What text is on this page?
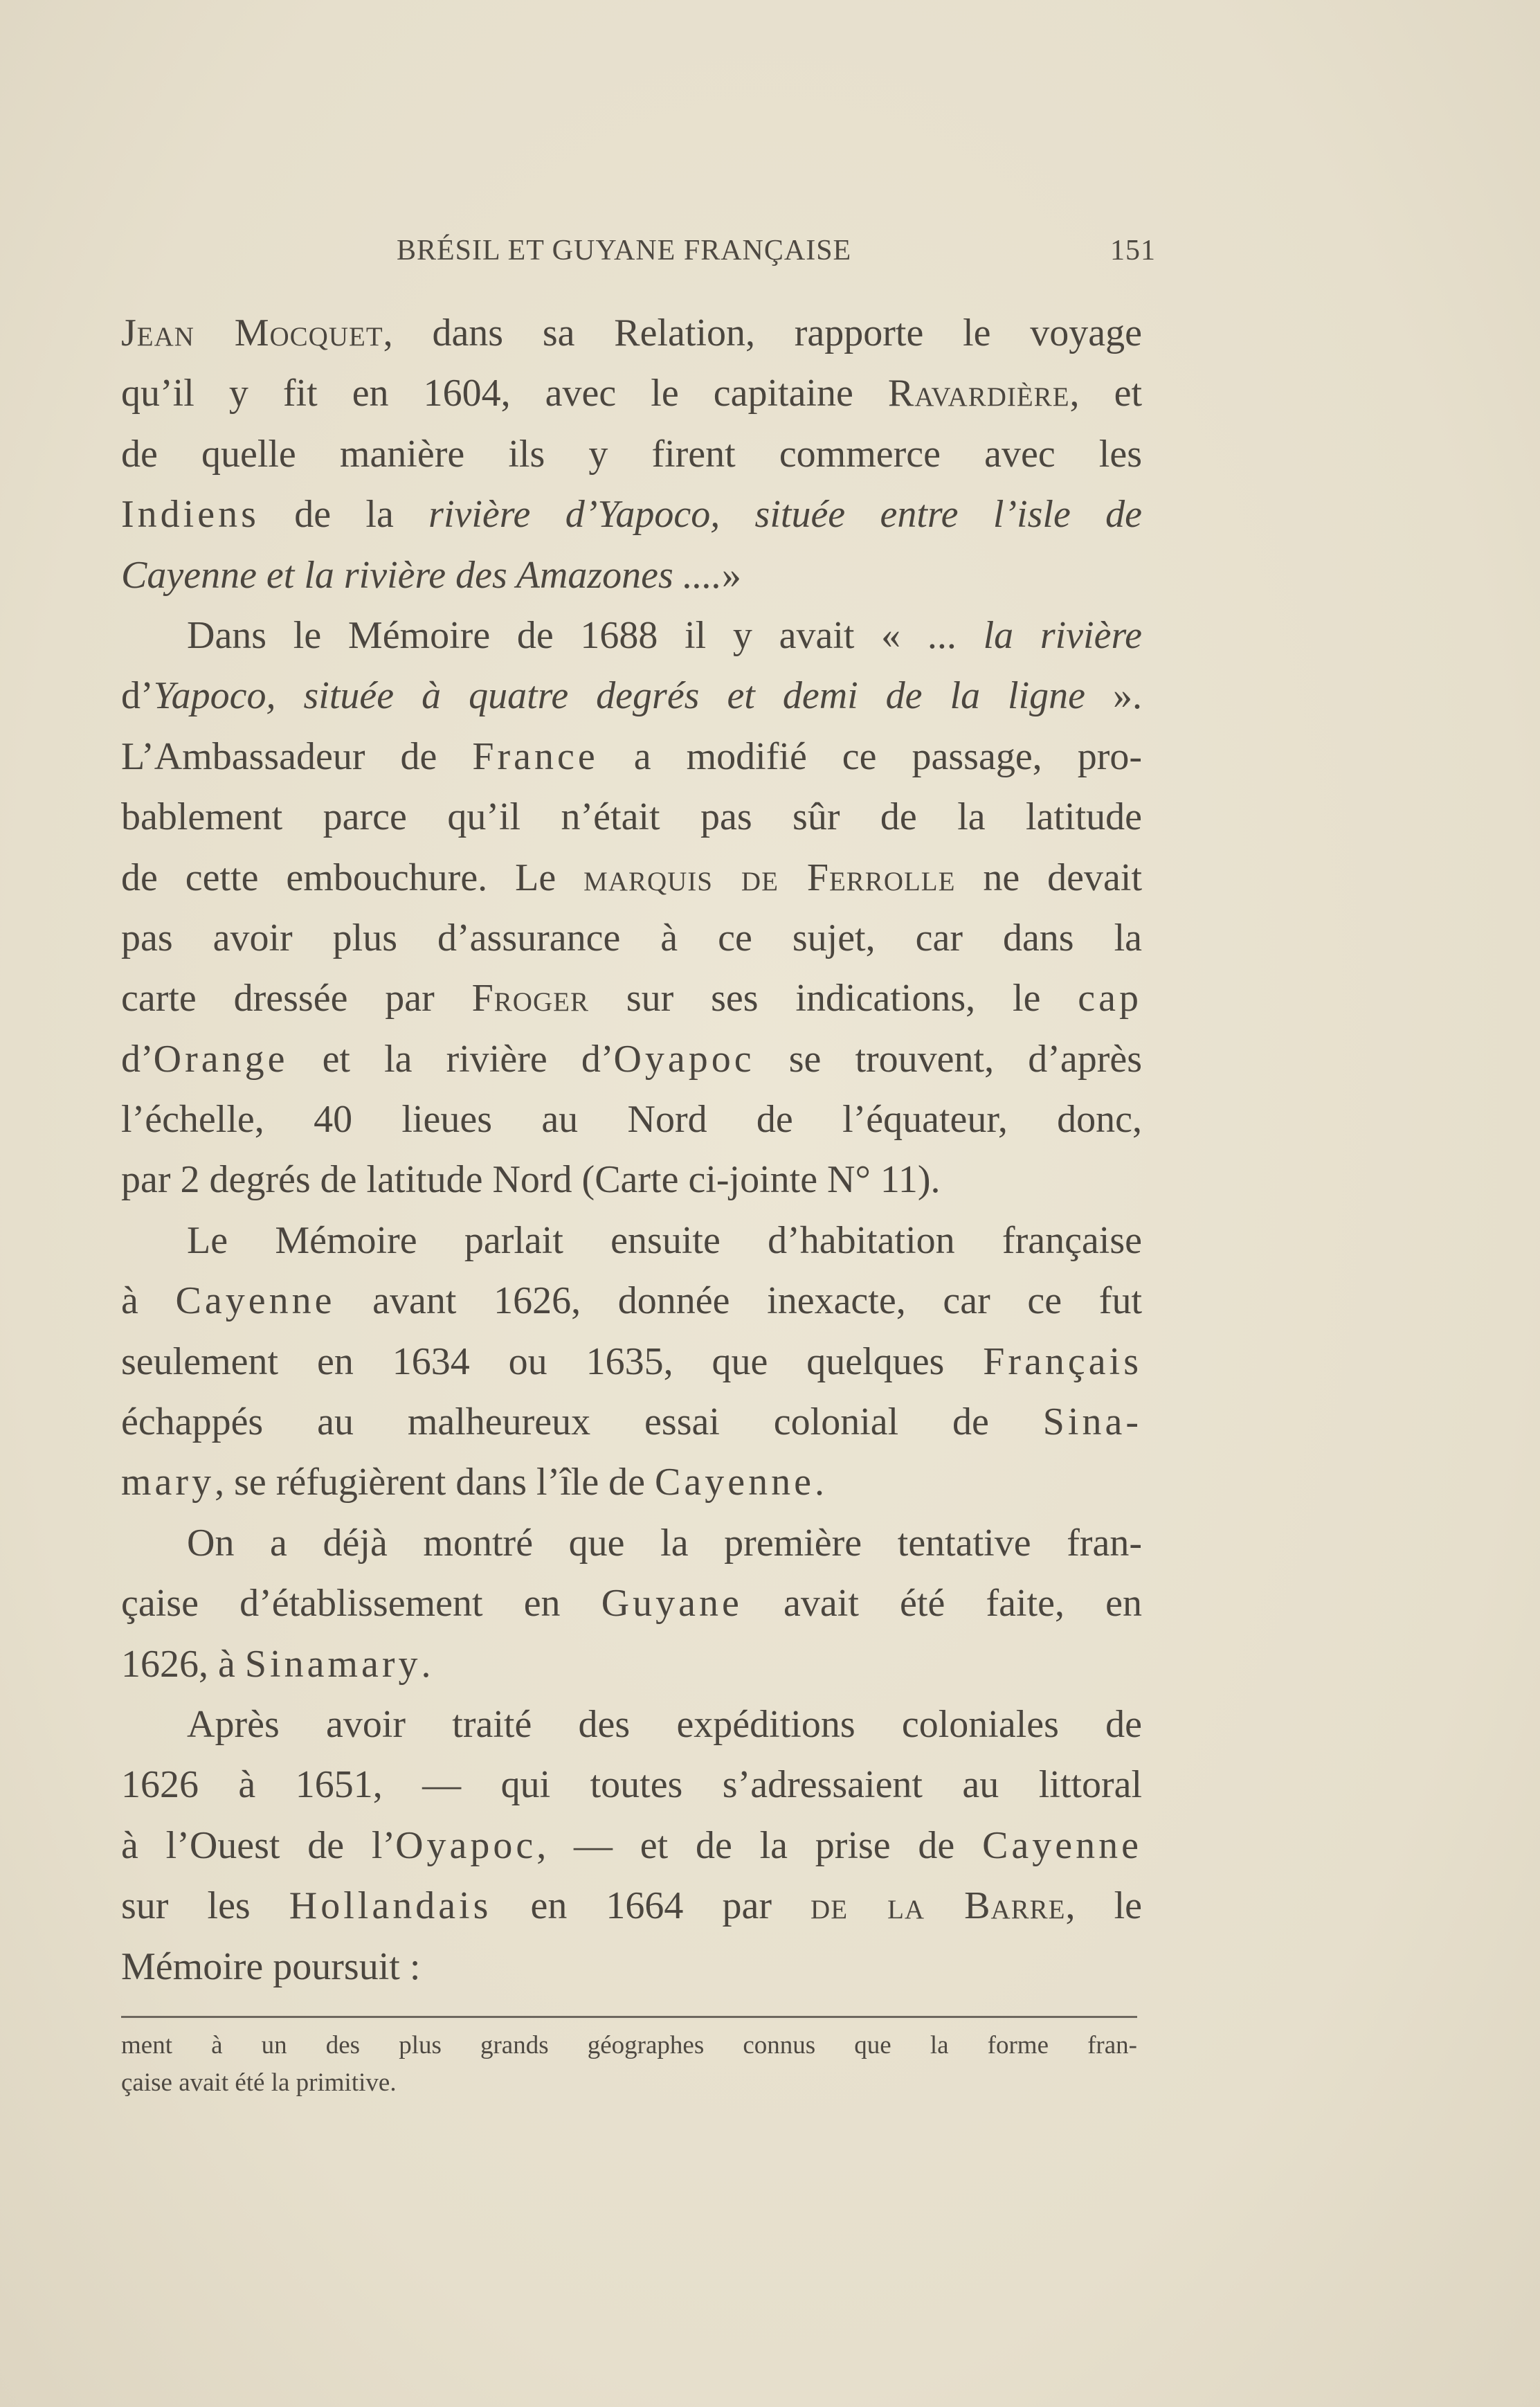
BRÉSIL ET GUYANE FRANÇAISE	151
Jean Mocquet, dans sa Relation, rapporte le voyage
qu’il y fit en 1604, avec le capitaine Ravardière, et
de quelle manière ils y firent commerce avec les
Indiens de la rivière d’Yapoco, située entre l’isle de
Cayenne et la rivière des Amazones ....»
Dans le Mémoire de 1688 il y avait « ... la rivière
d’Yapoco, située à quatre degrés et demi de la ligne ».
L’Ambassadeur de France a modifié ce passage, pro-
bablement parce qu’il n’était pas sûr de la latitude
de cette embouchure. Le marquis de Ferrolle ne devait
pas avoir plus d’assurance à ce sujet, car dans la
carte dressée par Froger sur ses indications, le cap
d’Orange et la rivière d’Oyapoc se trouvent, d’après
l’échelle, 40 lieues au Nord de l’équateur, donc,
par 2 degrés de latitude Nord (Carte ci-jointe N° 11).
Le Mémoire parlait ensuite d’habitation française
à Cayenne avant 1626, donnée inexacte, car ce fut
seulement en 1634 ou 1635, que quelques Français
échappés au malheureux essai colonial de Sina-
mary, se réfugièrent dans l’île de Cayenne.
On a déjà montré que la première tentative fran-
çaise d’établissement en Guyane avait été faite, en
1626, à Sinamary.
Après avoir traité des expéditions coloniales de
1626 à 1651, — qui toutes s’adressaient au littoral
à l’Ouest de l’Oyapoc, — et de la prise de Cayenne
sur les Hollandais en 1664 par de la Barre, le
Mémoire poursuit :
ment à un des plus grands géographes connus que la forme fran-
çaise avait été la primitive.
